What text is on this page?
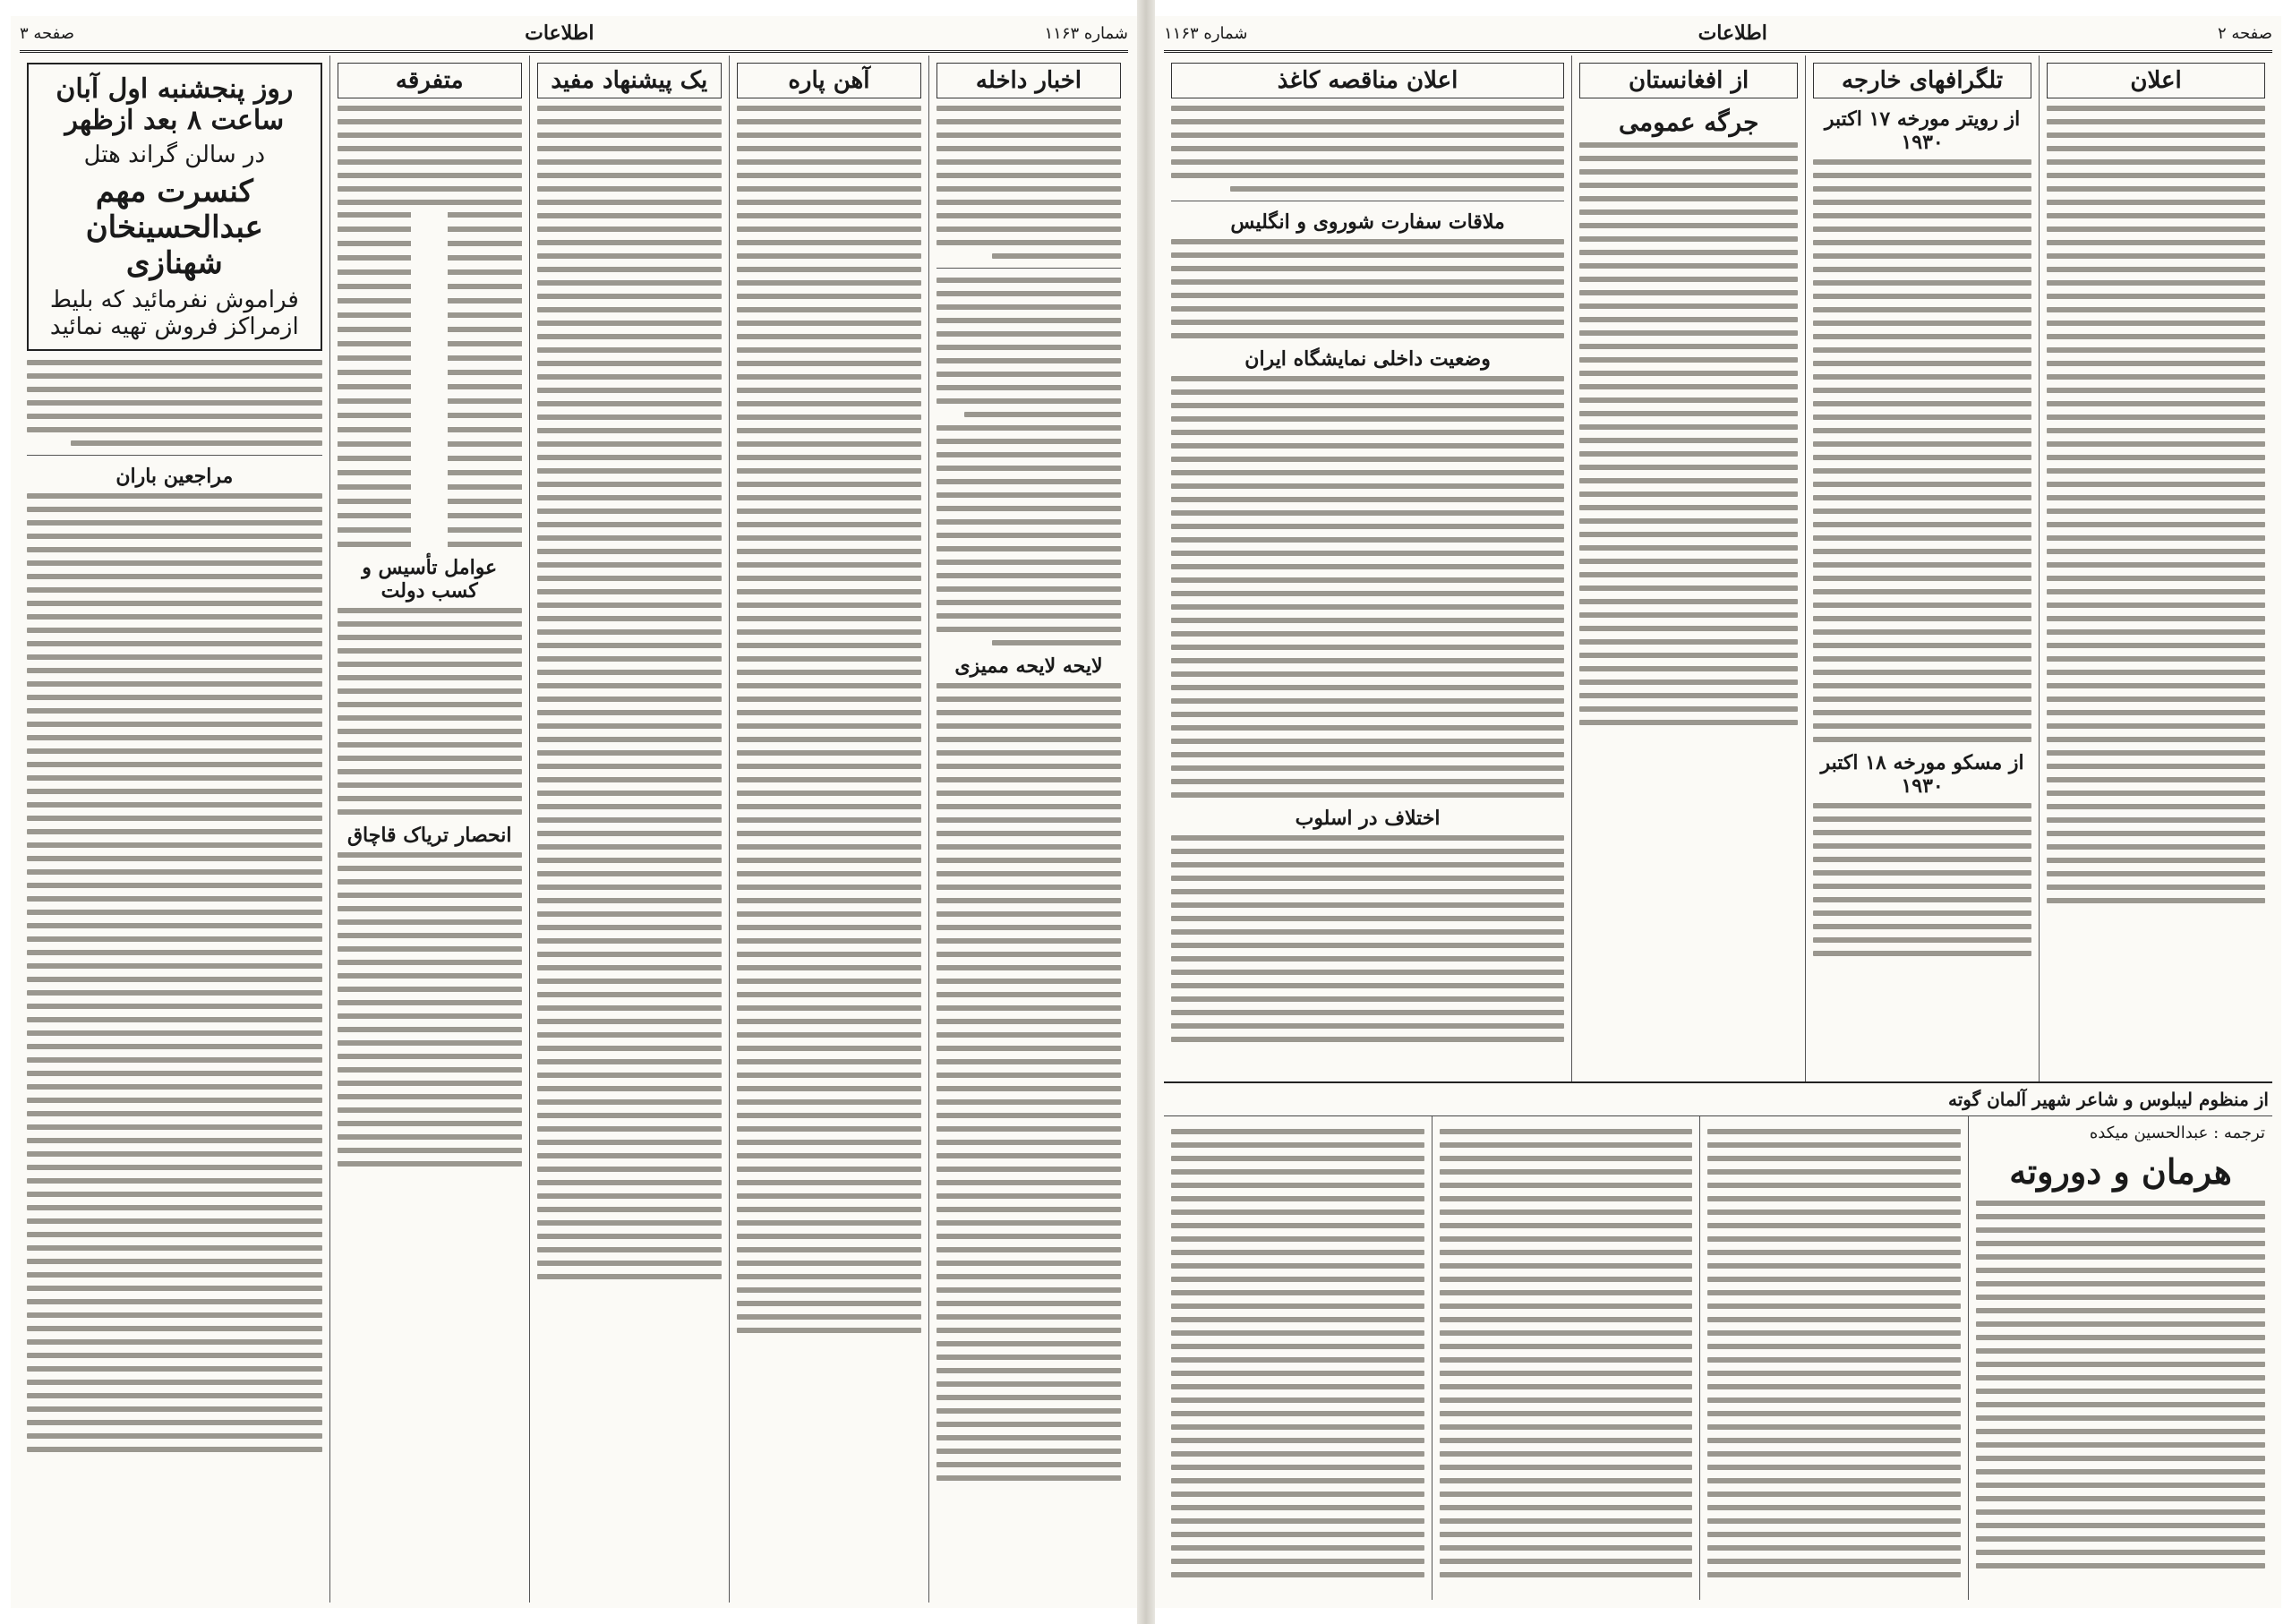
شماره ۱۱۶۳
اطلاعات
صفحه ۳
اخبار داخله
لایحه لایحه ممیزی
آهن پاره
یک پیشنهاد مفید
متفرقه
عوامل تأسیس و کسب دولت
انحصار تریاک قاچاق
روز پنجشنبه اول آبان ساعت ۸ بعد ازظهر
در سالن گراند هتل
کنسرت مهم عبدالحسینخان شهنازی
فراموش نفرمائید که بلیط ازمراکز فروش تهیه نمائید
مراجعین باران
صفحه ۲
اطلاعات
شماره ۱۱۶۳
اعلان
تلگرافهای خارجه
از رویتر مورخه ۱۷ اکتبر ۱۹۳۰
از مسکو مورخه ۱۸ اکتبر ۱۹۳۰
از افغانستان
جرگه عمومی
اعلان مناقصه کاغذ
ملاقات سفارت شوروی و انگلیس
وضعیت داخلی نمایشگاه ایران
اختلاف در اسلوب
از منظوم لیبلوس و شاعر شهیر آلمان گوته
ترجمه : عبدالحسین میکده
هرمان و دوروته
